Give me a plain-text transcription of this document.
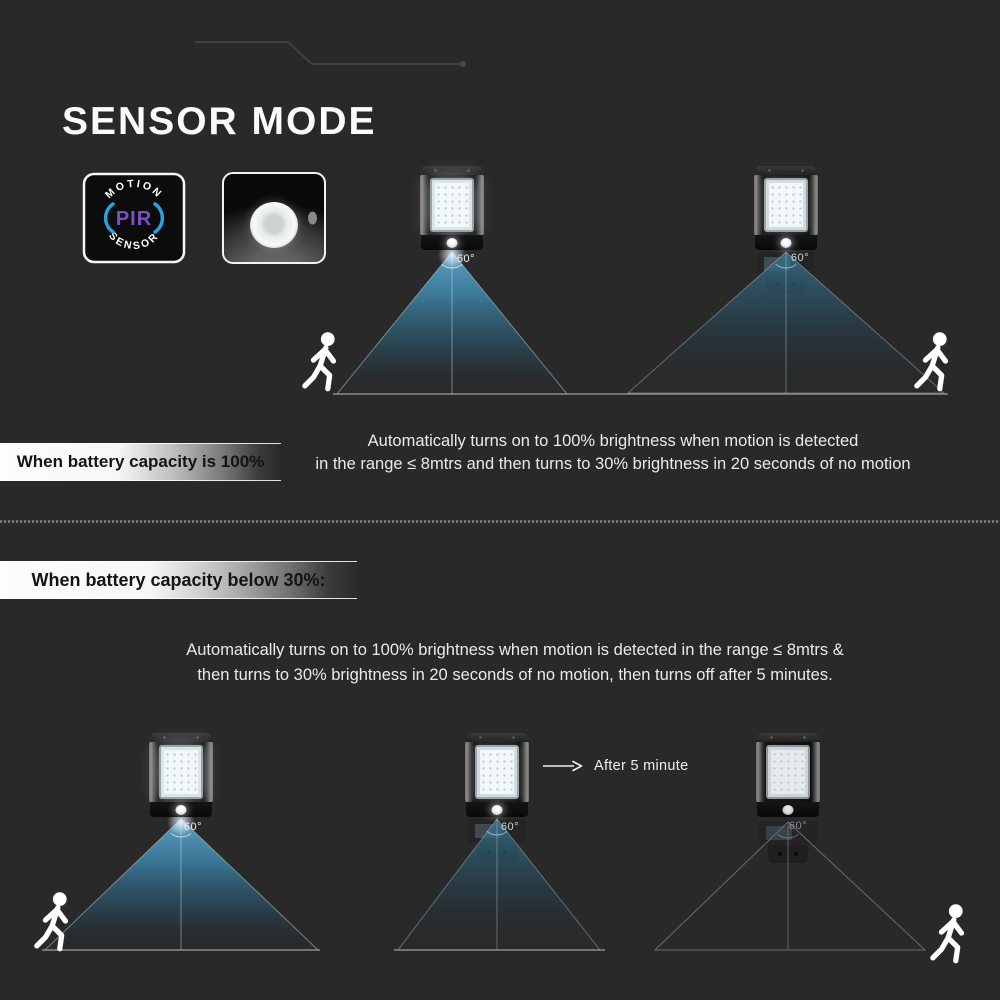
SENSOR MODE
MOTION
SENSOR
PIR
60°	60°
60°	60°	60°
When battery capacity is 100%
Automatically turns on to 100% brightness when motion is detected
in the range ≤ 8mtrs and then turns to 30% brightness in 20 seconds of no motion
When battery capacity below 30%:
Automatically turns on to 100% brightness when motion is detected in the range ≤ 8mtrs &
then turns to 30% brightness in 20 seconds of no motion, then turns off after 5 minutes.
After 5 minute
